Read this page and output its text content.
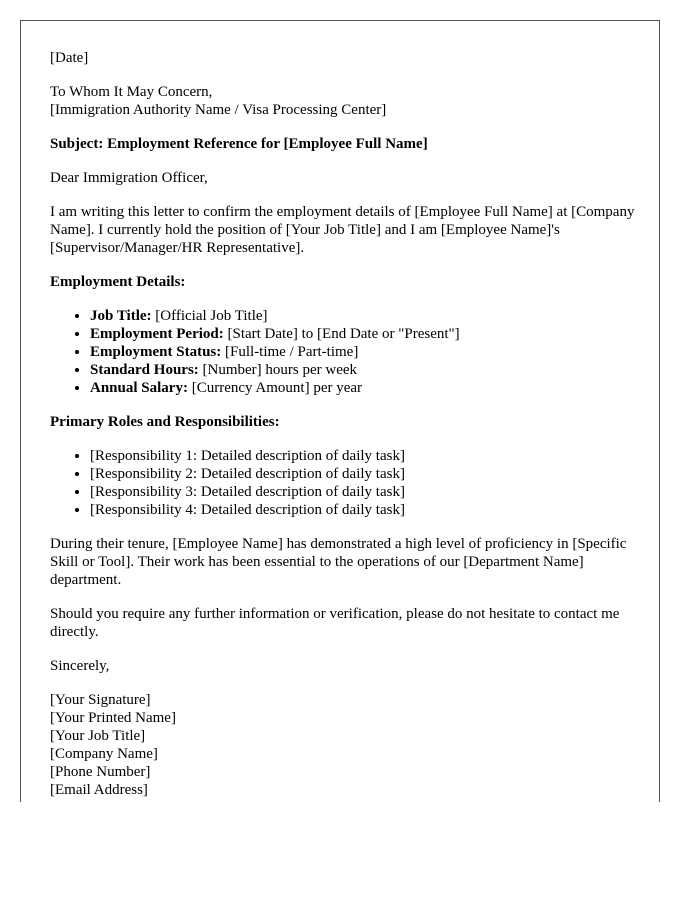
[Date]

To Whom It May Concern,
[Immigration Authority Name / Visa Processing Center]

Subject: Employment Reference for [Employee Full Name]

Dear Immigration Officer,

I am writing this letter to confirm the employment details of [Employee Full Name] at [Company Name]. I currently hold the position of [Your Job Title] and I am [Employee Name]'s [Supervisor/Manager/HR Representative].

Employment Details:

• Job Title: [Official Job Title]
• Employment Period: [Start Date] to [End Date or "Present"]
• Employment Status: [Full-time / Part-time]
• Standard Hours: [Number] hours per week
• Annual Salary: [Currency Amount] per year

Primary Roles and Responsibilities:

• [Responsibility 1: Detailed description of daily task]
• [Responsibility 2: Detailed description of daily task]
• [Responsibility 3: Detailed description of daily task]
• [Responsibility 4: Detailed description of daily task]

During their tenure, [Employee Name] has demonstrated a high level of proficiency in [Specific Skill or Tool]. Their work has been essential to the operations of our [Department Name] department.

Should you require any further information or verification, please do not hesitate to contact me directly.

Sincerely,

[Your Signature]
[Your Printed Name]
[Your Job Title]
[Company Name]
[Phone Number]
[Email Address]
